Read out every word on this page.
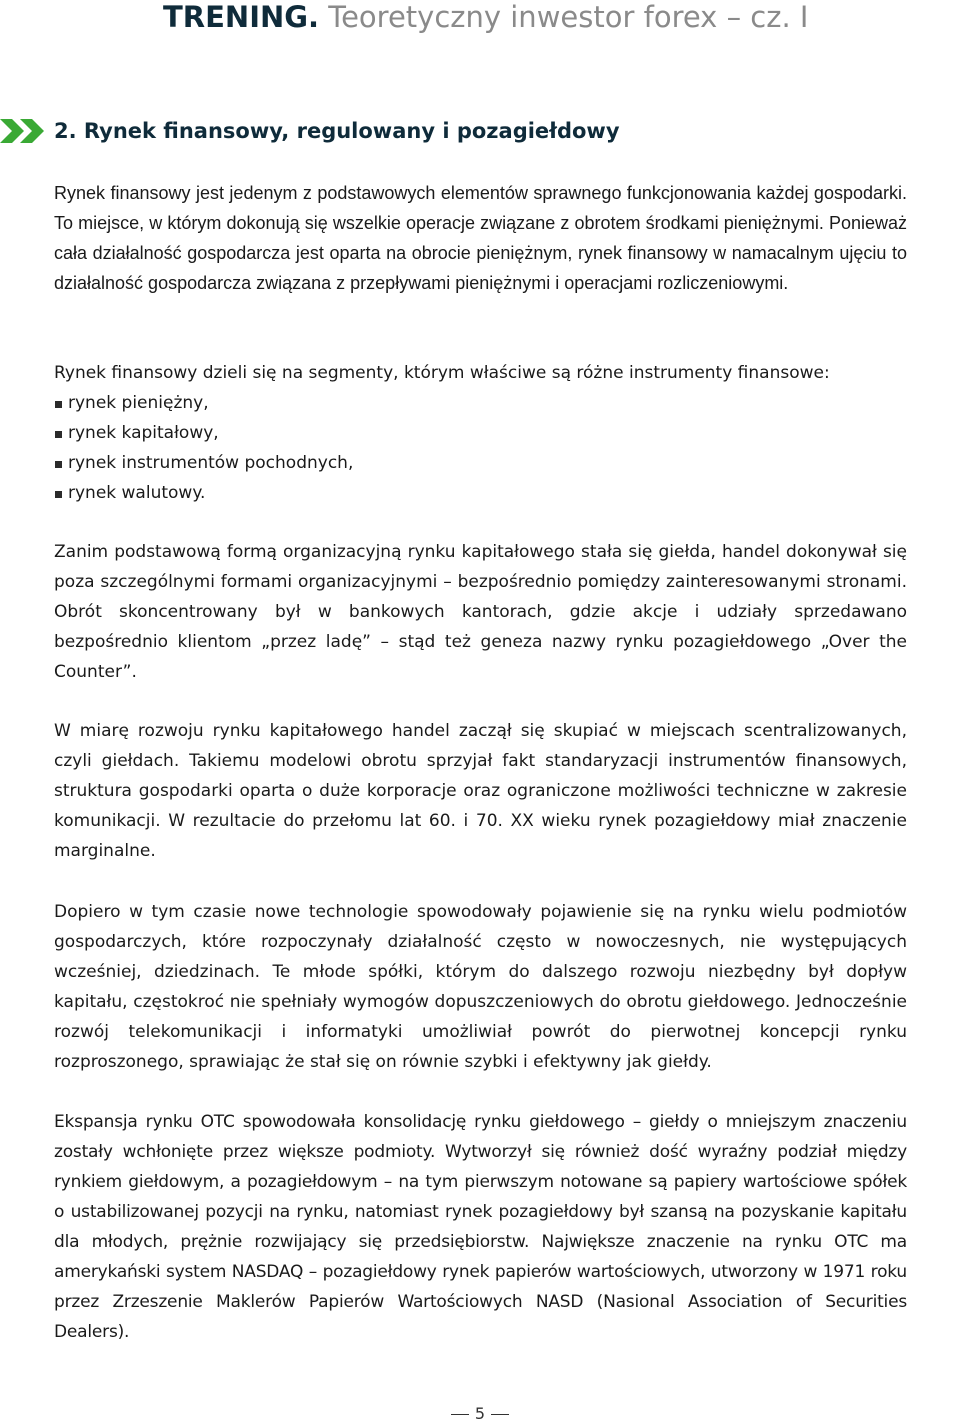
TRENING. Teoretyczny inwestor forex – cz. I
2. Rynek finansowy, regulowany i pozagiełdowy

Rynek finansowy jest jedenym z podstawowych elementów sprawnego funkcjonowania każdej gospodarki. To miejsce, w którym dokonują się wszelkie operacje związane z obrotem środkami pieniężnymi. Ponieważ cała działalność gospodarcza jest oparta na obrocie pieniężnym, rynek finansowy w namacalnym ujęciu to działalność gospodarcza związana z przepływami pieniężnymi i operacjami rozliczeniowymi.

Rynek finansowy dzieli się na segmenty, którym właściwe są różne instrumenty finansowe:
rynek pieniężny,
rynek kapitałowy,
rynek instrumentów pochodnych,
rynek walutowy.

Zanim podstawową formą organizacyjną rynku kapitałowego stała się giełda, handel dokonywał się poza szczególnymi formami organizacyjnymi – bezpośrednio pomiędzy zainteresowanymi stronami. Obrót skoncentrowany był w bankowych kantorach, gdzie akcje i udziały sprzedawano bezpośrednio klientom „przez ladę” – stąd też geneza nazwy rynku pozagiełdowego „Over the Counter”.

W miarę rozwoju rynku kapitałowego handel zaczął się skupiać w miejscach scentralizowanych, czyli giełdach. Takiemu modelowi obrotu sprzyjał fakt standaryzacji instrumentów finansowych, struktura gospodarki oparta o duże korporacje oraz ograniczone możliwości techniczne w zakresie komunikacji. W rezultacie do przełomu lat 60. i 70. XX wieku rynek pozagiełdowy miał znaczenie marginalne.

Dopiero w tym czasie nowe technologie spowodowały pojawienie się na rynku wielu podmiotów gospodarczych, które rozpoczynały działalność często w nowoczesnych, nie występujących wcześniej, dziedzinach. Te młode spółki, którym do dalszego rozwoju niezbędny był dopływ kapitału, częstokroć nie spełniały wymogów dopuszczeniowych do obrotu giełdowego. Jednocześnie rozwój telekomunikacji i informatyki umożliwiał powrót do pierwotnej koncepcji rynku rozproszonego, sprawiając że stał się on równie szybki i efektywny jak giełdy.

Ekspansja rynku OTC spowodowała konsolidację rynku giełdowego – giełdy o mniejszym znaczeniu zostały wchłonięte przez większe podmioty. Wytworzył się również dość wyraźny podział między rynkiem giełdowym, a pozagiełdowym – na tym pierwszym notowane są papiery wartościowe spółek o ustabilizowanej pozycji na rynku, natomiast rynek pozagiełdowy był szansą na pozyskanie kapitału dla młodych, prężnie rozwijający się przedsiębiorstw. Największe znaczenie na rynku OTC ma amerykański system NASDAQ – pozagiełdowy rynek papierów wartościowych, utworzony w 1971 roku przez Zrzeszenie Maklerów Papierów Wartościowych NASD (Nasional Association of Securities Dealers).

5
